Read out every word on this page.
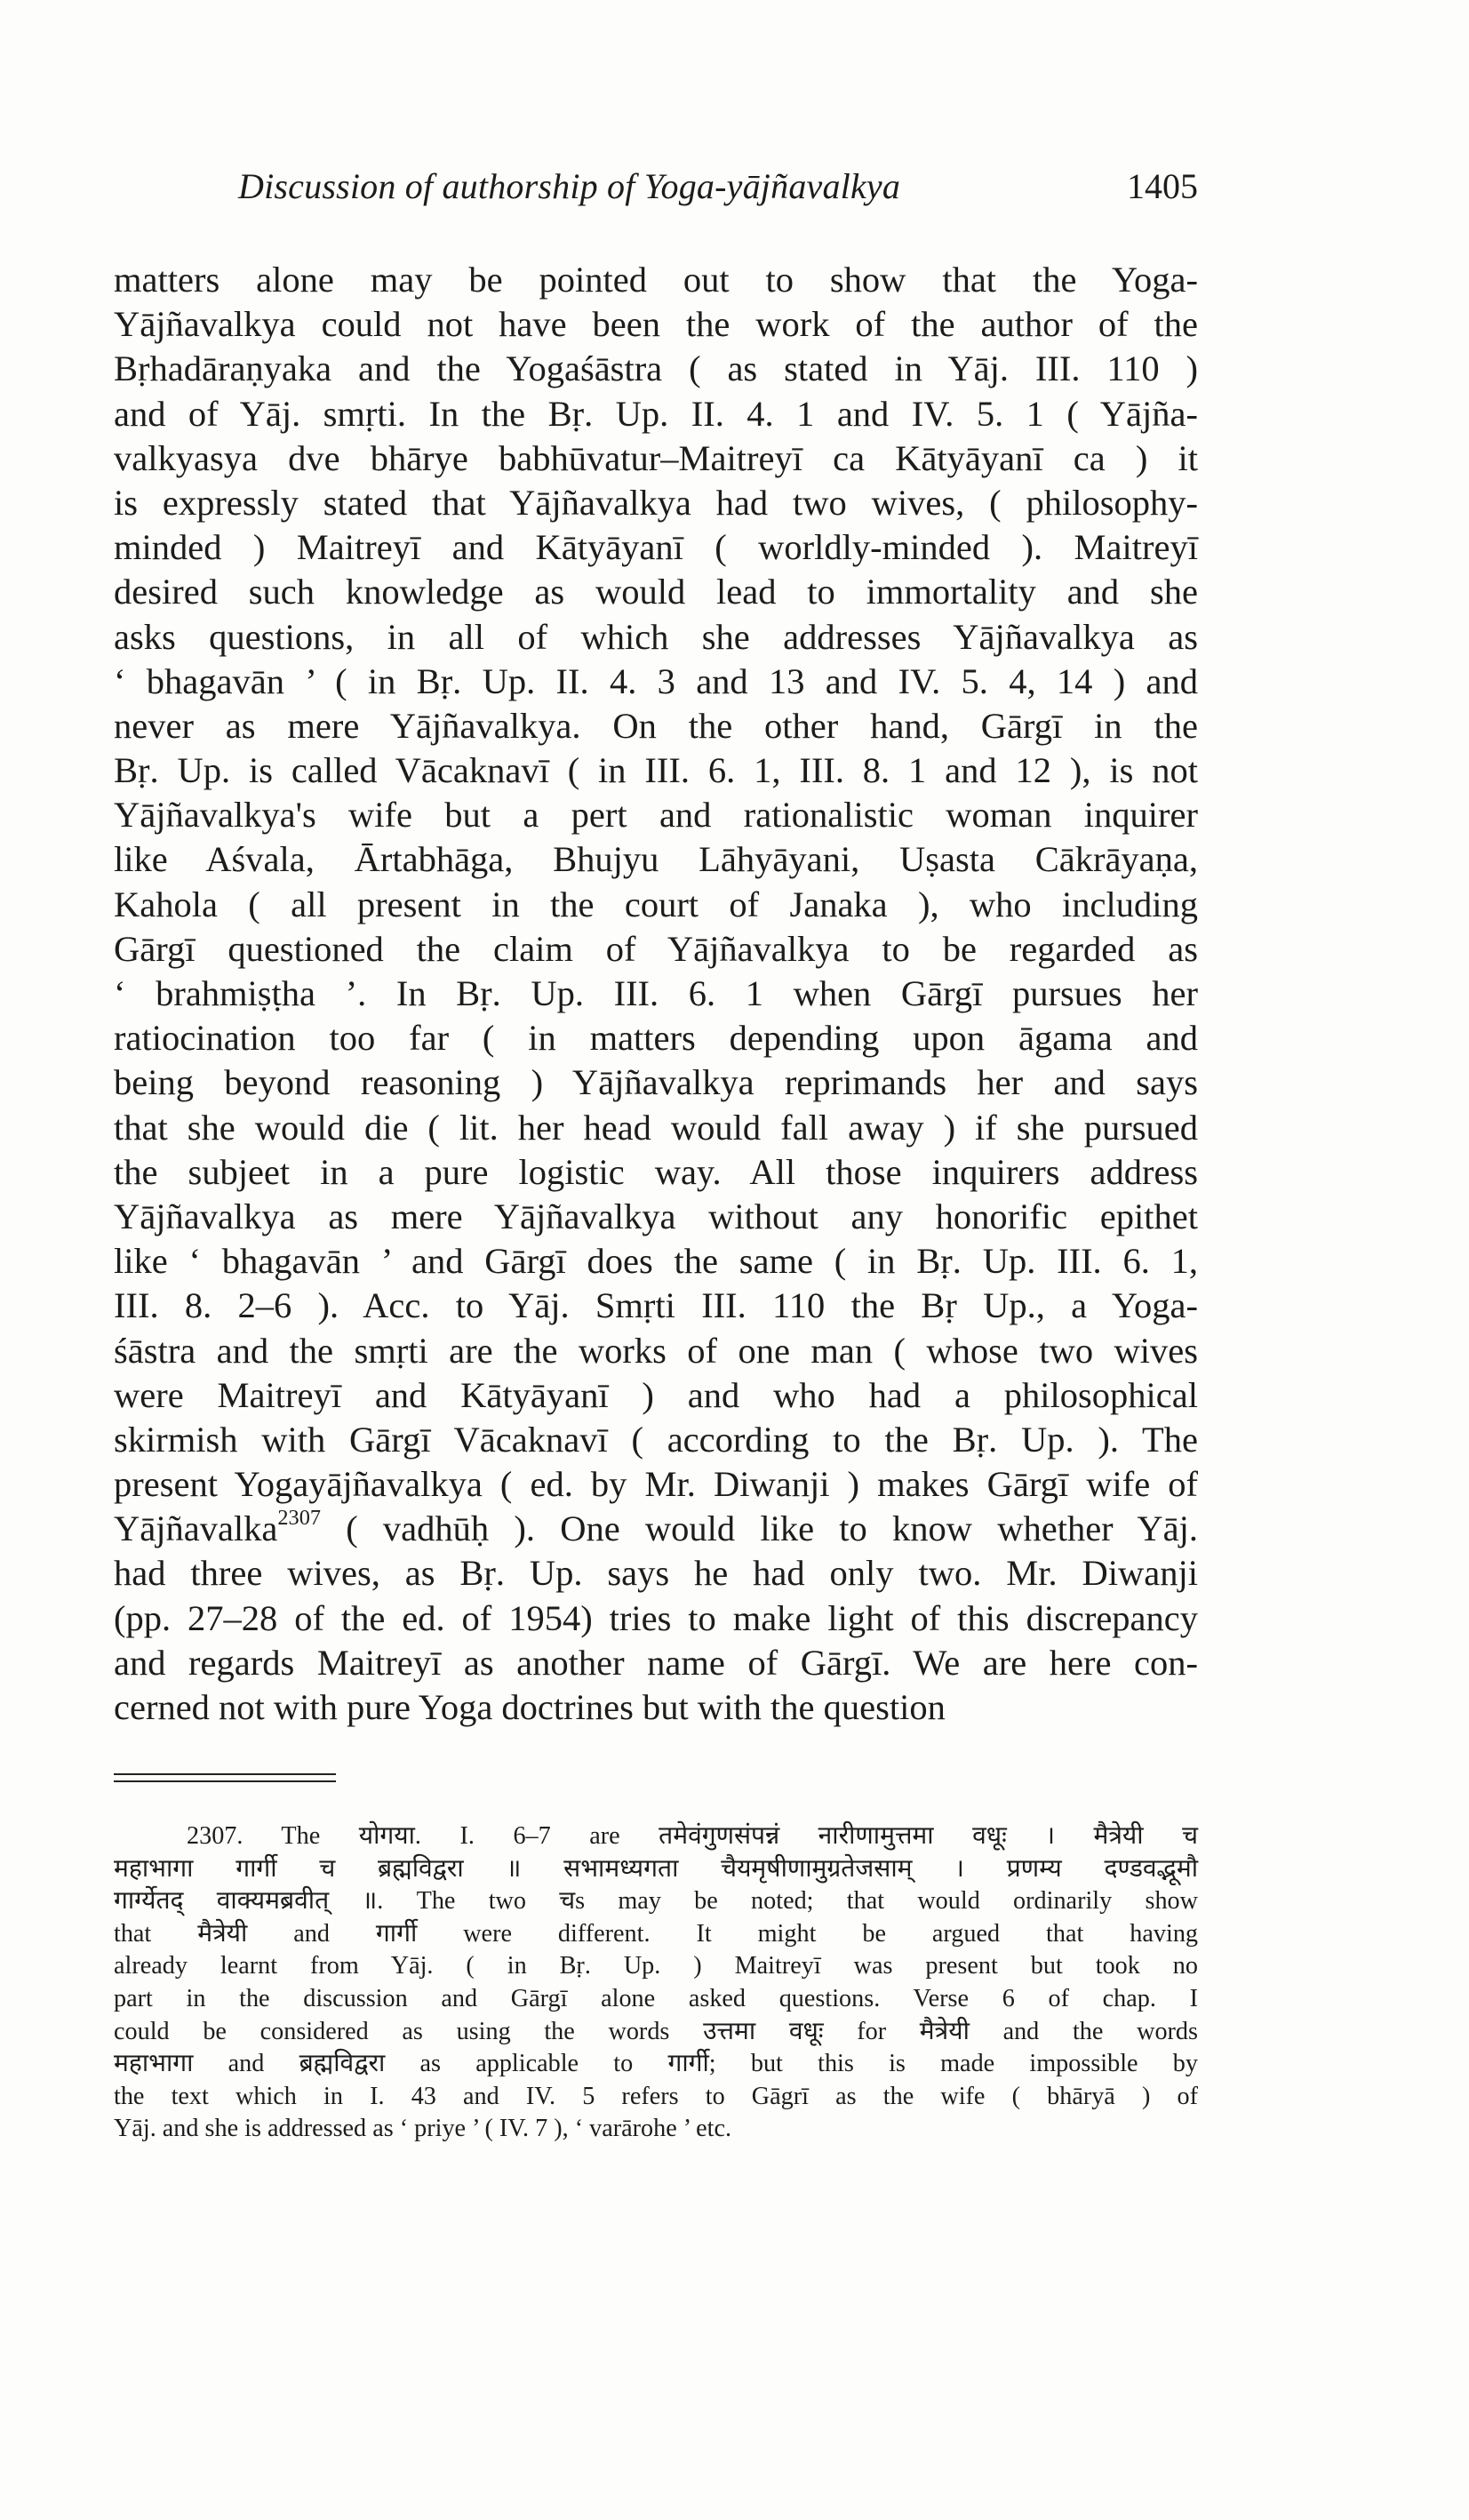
Discussion of authorship of Yoga-yājñavalkya	1405
matters alone may be pointed out to show that the Yoga-
Yājñavalkya could not have been the work of the author of the
Bṛhadāraṇyaka and the Yogaśāstra ( as stated in Yāj. III. 110 )
and of Yāj. smṛti. In the Bṛ. Up. II. 4. 1 and IV. 5. 1 ( Yājña-
valkyasya dve bhārye babhūvatur–Maitreyī ca Kātyāyanī ca ) it
is expressly stated that Yājñavalkya had two wives, ( philosophy-
minded ) Maitreyī and Kātyāyanī ( worldly-minded ). Maitreyī
desired such knowledge as would lead to immortality and she
asks questions, in all of which she addresses Yājñavalkya as
‘ bhagavān ’ ( in Bṛ. Up. II. 4. 3 and 13 and IV. 5. 4, 14 ) and
never as mere Yājñavalkya. On the other hand, Gārgī in the
Bṛ. Up. is called Vācaknavī ( in III. 6. 1, III. 8. 1 and 12 ), is not
Yājñavalkya's wife but a pert and rationalistic woman inquirer
like Aśvala, Ārtabhāga, Bhujyu Lāhyāyani, Uṣasta Cākrāyaṇa,
Kahola ( all present in the court of Janaka ), who including
Gārgī questioned the claim of Yājñavalkya to be regarded as
‘ brahmiṣṭha ’. In Bṛ. Up. III. 6. 1 when Gārgī pursues her
ratiocination too far ( in matters depending upon āgama and
being beyond reasoning ) Yājñavalkya reprimands her and says
that she would die ( lit. her head would fall away ) if she pursued
the subjeet in a pure logistic way. All those inquirers address
Yājñavalkya as mere Yājñavalkya without any honorific epithet
like ‘ bhagavān ’ and Gārgī does the same ( in Bṛ. Up. III. 6. 1,
III. 8. 2–6 ). Acc. to Yāj. Smṛti III. 110 the Bṛ Up., a Yoga-
śāstra and the smṛti are the works of one man ( whose two wives
were Maitreyī and Kātyāyanī ) and who had a philosophical
skirmish with Gārgī Vācaknavī ( according to the Bṛ. Up. ). The
present Yogayājñavalkya ( ed. by Mr. Diwanji ) makes Gārgī wife of
Yājñavalka$^{2307}$ ( vadhūḥ ). One would like to know whether Yāj.
had three wives, as Bṛ. Up. says he had only two. Mr. Diwanji
(pp. 27–28 of the ed. of 1954) tries to make light of this discrepancy
and regards Maitreyī as another name of Gārgī. We are here con-
cerned not with pure Yoga doctrines but with the question
2307. The योगया. I. 6–7 are तमेवंगुणसंपन्नं नारीणामुत्तमा वधूः । मैत्रेयी च
महाभागा गार्गी च ब्रह्मविद्वरा ॥ सभामध्यगता चैयमृषीणामुग्रतेजसाम् । प्रणम्य दण्डवद्भूमौ
गार्ग्येतद् वाक्यमब्रवीत् ॥. The two चs may be noted; that would ordinarily show
that मैत्रेयी and गार्गी were different. It might be argued that having
already learnt from Yāj. ( in Bṛ. Up. ) Maitreyī was present but took no
part in the discussion and Gārgī alone asked questions. Verse 6 of chap. I
could be considered as using the words उत्तमा वधूः for मैत्रेयी and the words
महाभागा and ब्रह्मविद्वरा as applicable to गार्गी; but this is made impossible by
the text which in I. 43 and IV. 5 refers to Gāgrī as the wife ( bhāryā ) of
Yāj. and she is addressed as ‘ priye ’ ( IV. 7 ), ‘ varārohe ’ etc.
